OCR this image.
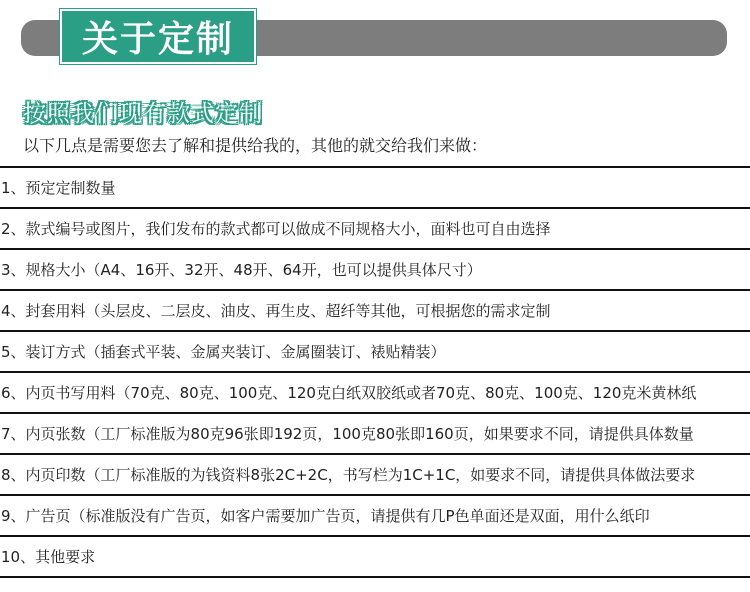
关于定制
按照我们现有款式定制
以下几点是需要您去了解和提供给我的，其他的就交给我们来做：
1、预定定制数量
2、款式编号或图片，我们发布的款式都可以做成不同规格大小，面料也可自由选择
3、规格大小（A4、16开、32开、48开、64开，也可以提供具体尺寸）
4、封套用料（头层皮、二层皮、油皮、再生皮、超纤等其他，可根据您的需求定制
5、装订方式（插套式平装、金属夹装订、金属圈装订、裱贴精装）
6、内页书写用料（70克、80克、100克、120克白纸双胶纸或者70克、80克、100克、120克米黄林纸
7、内页张数（工厂标准版为80克96张即192页，100克80张即160页，如果要求不同，请提供具体数量
8、内页印数（工厂标准版的为钱资料8张2C+2C，书写栏为1C+1C，如要求不同，请提供具体做法要求
9、广告页（标准版没有广告页，如客户需要加广告页，请提供有几P色单面还是双面，用什么纸印
10、其他要求
